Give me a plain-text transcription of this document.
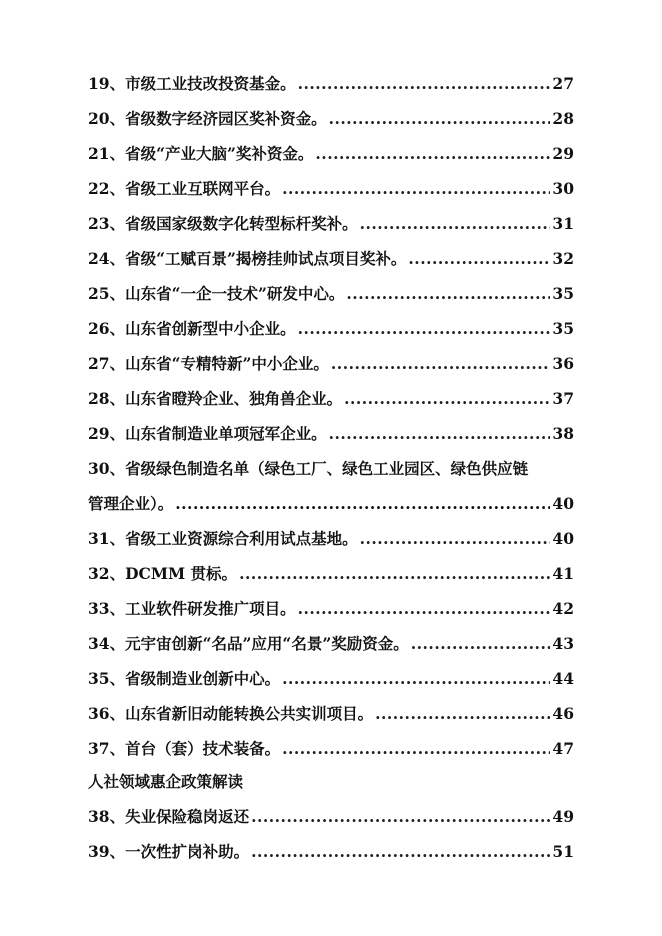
19、市级工业技改投资基金。 .....	27
20、省级数字经济园区奖补资金。 .....	28
21、省级“产业大脑”奖补资金。 .....	29
22、省级工业互联网平台。 .....	30
23、省级国家级数字化转型标杆奖补。 .....	31
24、省级“工赋百景”揭榜挂帅试点项目奖补。 .....	32
25、山东省“一企一技术”研发中心。 .....	35
26、山东省创新型中小企业。 .....	35
27、山东省“专精特新”中小企业。 .....	36
28、山东省瞪羚企业、独角兽企业。 .....	37
29、山东省制造业单项冠军企业。 .....	38
30、省级绿色制造名单（绿色工厂、绿色工业园区、绿色供应链
管理企业）。 .....	40
31、省级工业资源综合利用试点基地。 .....	40
32、DCMM 贯标。 .....	41
33、工业软件研发推广项目。 .....	42
34、元宇宙创新“名品”应用“名景”奖励资金。 .....	43
35、省级制造业创新中心。 .....	44
36、山东省新旧动能转换公共实训项目。 .....	46
37、首台（套）技术装备。 .....	47
人社领域惠企政策解读
38、失业保险稳岗返还 .....	49
39、一次性扩岗补助。 .....	51
